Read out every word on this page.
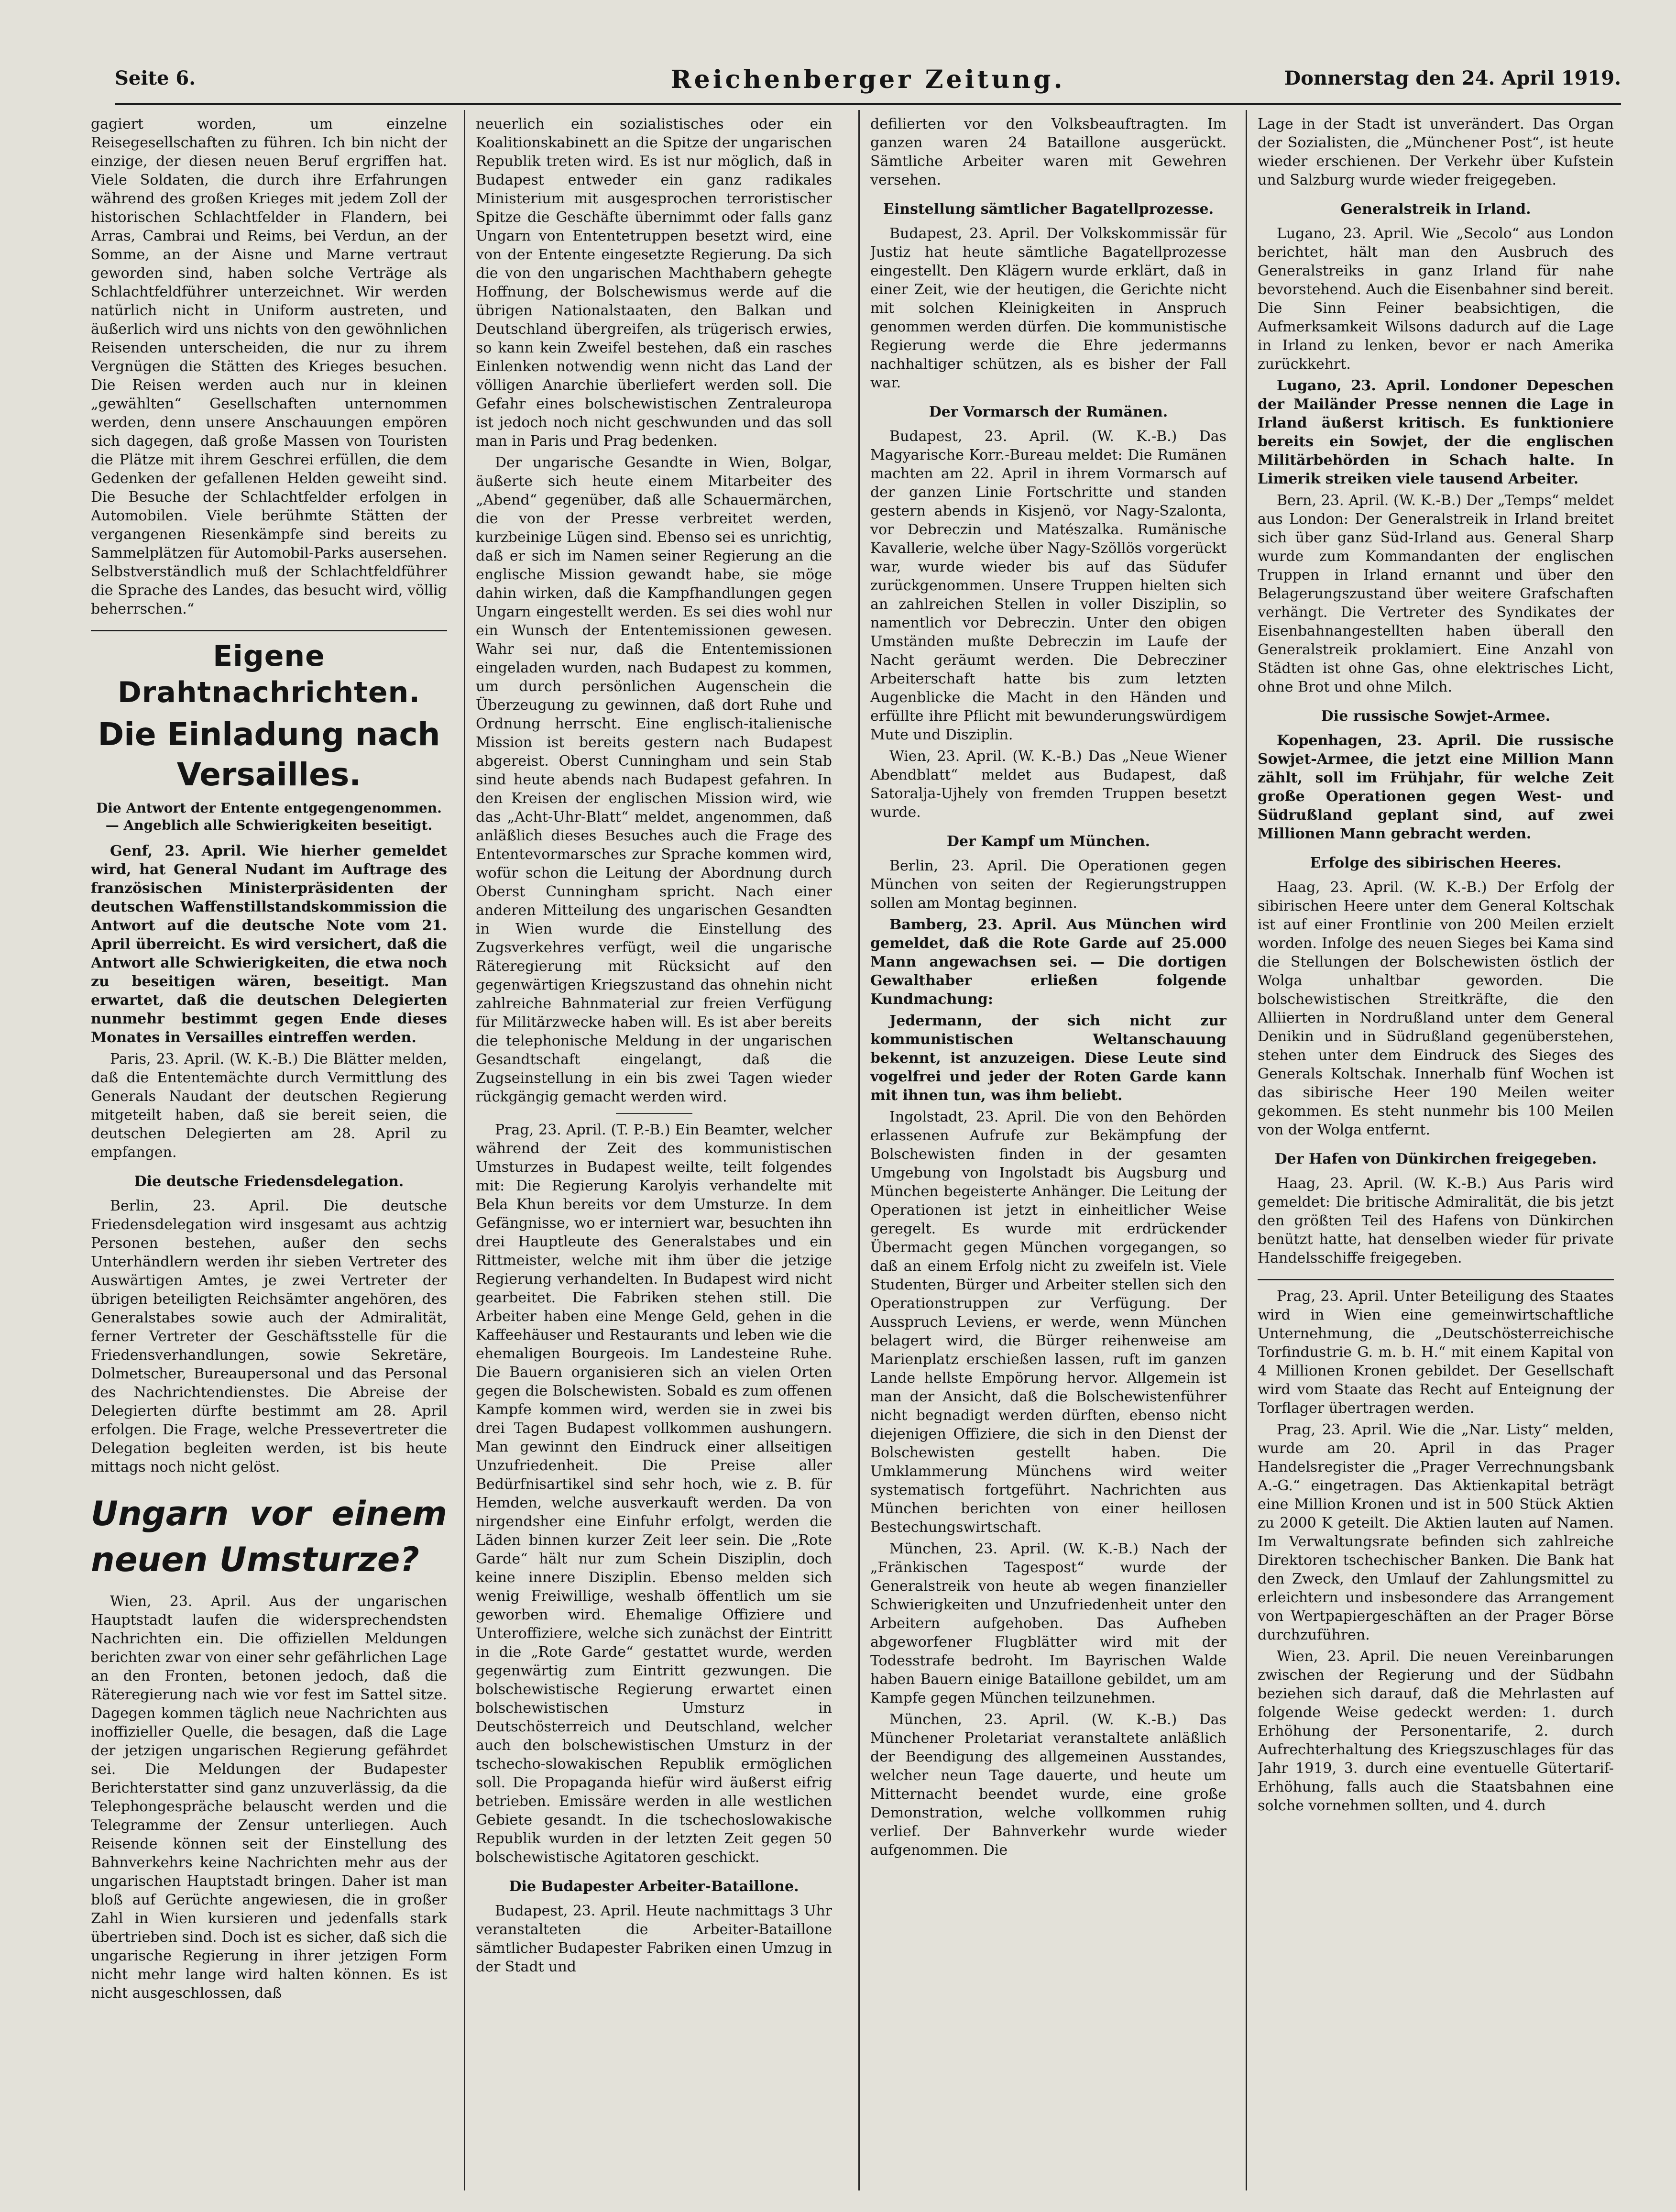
Seite 6.	Reichenberger Zeitung.	Donnerstag den 24. April 1919.

gagiert worden, um einzelne Reisegesellschaften zu führen. Ich bin nicht der einzige, der diesen neuen Beruf ergriffen hat. Viele Soldaten, die durch ihre Erfahrungen während des großen Krieges mit jedem Zoll der historischen Schlachtfelder in Flandern, bei Arras, Cambrai und Reims, bei Verdun, an der Somme, an der Aisne und Marne vertraut geworden sind, haben solche Verträge als Schlachtfeldführer unterzeichnet. Wir werden natürlich nicht in Uniform austreten, und äußerlich wird uns nichts von den gewöhnlichen Reisenden unterscheiden, die nur zu ihrem Vergnügen die Stätten des Krieges besuchen. Die Reisen werden auch nur in kleinen „gewählten“ Gesellschaften unternommen werden, denn unsere Anschauungen empören sich dagegen, daß große Massen von Touristen die Plätze mit ihrem Geschrei erfüllen, die dem Gedenken der gefallenen Helden geweiht sind. Die Besuche der Schlachtfelder erfolgen in Automobilen. Viele berühmte Stätten der vergangenen Riesenkämpfe sind bereits zu Sammelplätzen für Automobil-Parks ausersehen. Selbstverständlich muß der Schlachtfeldführer die Sprache des Landes, das besucht wird, völlig beherrschen.“

Eigene Drahtnachrichten.
Die Einladung nach Versailles.
Die Antwort der Entente entgegengenommen. — Angeblich alle Schwierigkeiten beseitigt.

Genf, 23. April. Wie hierher gemeldet wird, hat General Nudant im Auftrage des französischen Ministerpräsidenten der deutschen Waffenstillstandskommission die Antwort auf die deutsche Note vom 21. April überreicht. Es wird versichert, daß die Antwort alle Schwierigkeiten, die etwa noch zu beseitigen wären, beseitigt. Man erwartet, daß die deutschen Delegierten nunmehr bestimmt gegen Ende dieses Monates in Versailles eintreffen werden.

Paris, 23. April. (W. K.-B.) Die Blätter melden, daß die Ententemächte durch Vermittlung des Generals Naudant der deutschen Regierung mitgeteilt haben, daß sie bereit seien, die deutschen Delegierten am 28. April zu empfangen.

Die deutsche Friedensdelegation.

Berlin, 23. April. Die deutsche Friedensdelegation wird insgesamt aus achtzig Personen bestehen, außer den sechs Unterhändlern werden ihr sieben Vertreter des Auswärtigen Amtes, je zwei Vertreter der übrigen beteiligten Reichsämter angehören, des Generalstabes sowie auch der Admiralität, ferner Vertreter der Geschäftsstelle für die Friedensverhandlungen, sowie Sekretäre, Dolmetscher, Bureaupersonal und das Personal des Nachrichtendienstes. Die Abreise der Delegierten dürfte bestimmt am 28. April erfolgen. Die Frage, welche Pressevertreter die Delegation begleiten werden, ist bis heute mittags noch nicht gelöst.

Ungarn vor einem neuen Umsturze?

Wien, 23. April. Aus der ungarischen Hauptstadt laufen die widersprechendsten Nachrichten ein. Die offiziellen Meldungen berichten zwar von einer sehr gefährlichen Lage an den Fronten, betonen jedoch, daß die Räteregierung nach wie vor fest im Sattel sitze. Dagegen kommen täglich neue Nachrichten aus inoffizieller Quelle, die besagen, daß die Lage der jetzigen ungarischen Regierung gefährdet sei. Die Meldungen der Budapester Berichterstatter sind ganz unzuverlässig, da die Telephongespräche belauscht werden und die Telegramme der Zensur unterliegen. Auch Reisende können seit der Einstellung des Bahnverkehrs keine Nachrichten mehr aus der ungarischen Hauptstadt bringen. Daher ist man bloß auf Gerüchte angewiesen, die in großer Zahl in Wien kursieren und jedenfalls stark übertrieben sind. Doch ist es sicher, daß sich die ungarische Regierung in ihrer jetzigen Form nicht mehr lange wird halten können. Es ist nicht ausgeschlossen, daß

neuerlich ein sozialistisches oder ein Koalitionskabinett an die Spitze der ungarischen Republik treten wird. Es ist nur möglich, daß in Budapest entweder ein ganz radikales Ministerium mit ausgesprochen terroristischer Spitze die Geschäfte übernimmt oder falls ganz Ungarn von Ententetruppen besetzt wird, eine von der Entente eingesetzte Regierung. Da sich die von den ungarischen Machthabern gehegte Hoffnung, der Bolschewismus werde auf die übrigen Nationalstaaten, den Balkan und Deutschland übergreifen, als trügerisch erwies, so kann kein Zweifel bestehen, daß ein rasches Einlenken notwendig wenn nicht das Land der völligen Anarchie überliefert werden soll. Die Gefahr eines bolschewistischen Zentraleuropa ist jedoch noch nicht geschwunden und das soll man in Paris und Prag bedenken.

Der ungarische Gesandte in Wien, Bolgar, äußerte sich heute einem Mitarbeiter des „Abend“ gegenüber, daß alle Schauermärchen, die von der Presse verbreitet werden, kurzbeinige Lügen sind. Ebenso sei es unrichtig, daß er sich im Namen seiner Regierung an die englische Mission gewandt habe, sie möge dahin wirken, daß die Kampfhandlungen gegen Ungarn eingestellt werden. Es sei dies wohl nur ein Wunsch der Ententemissionen gewesen. Wahr sei nur, daß die Ententemissionen eingeladen wurden, nach Budapest zu kommen, um durch persönlichen Augenschein die Überzeugung zu gewinnen, daß dort Ruhe und Ordnung herrscht. Eine englisch-italienische Mission ist bereits gestern nach Budapest abgereist. Oberst Cunningham und sein Stab sind heute abends nach Budapest gefahren. In den Kreisen der englischen Mission wird, wie das „Acht-Uhr-Blatt“ meldet, angenommen, daß anläßlich dieses Besuches auch die Frage des Ententevormarsches zur Sprache kommen wird, wofür schon die Leitung der Abordnung durch Oberst Cunningham spricht. Nach einer anderen Mitteilung des ungarischen Gesandten in Wien wurde die Einstellung des Zugsverkehres verfügt, weil die ungarische Räteregierung mit Rücksicht auf den gegenwärtigen Kriegszustand das ohnehin nicht zahlreiche Bahnmaterial zur freien Verfügung für Militärzwecke haben will. Es ist aber bereits die telephonische Meldung in der ungarischen Gesandtschaft eingelangt, daß die Zugseinstellung in ein bis zwei Tagen wieder rückgängig gemacht werden wird.

Prag, 23. April. (T. P.-B.) Ein Beamter, welcher während der Zeit des kommunistischen Umsturzes in Budapest weilte, teilt folgendes mit: Die Regierung Karolyis verhandelte mit Bela Khun bereits vor dem Umsturze. In dem Gefängnisse, wo er interniert war, besuchten ihn drei Hauptleute des Generalstabes und ein Rittmeister, welche mit ihm über die jetzige Regierung verhandelten. In Budapest wird nicht gearbeitet. Die Fabriken stehen still. Die Arbeiter haben eine Menge Geld, gehen in die Kaffeehäuser und Restaurants und leben wie die ehemaligen Bourgeois. Im Landesteine Ruhe. Die Bauern organisieren sich an vielen Orten gegen die Bolschewisten. Sobald es zum offenen Kampfe kommen wird, werden sie in zwei bis drei Tagen Budapest vollkommen aushungern. Man gewinnt den Eindruck einer allseitigen Unzufriedenheit. Die Preise aller Bedürfnisartikel sind sehr hoch, wie z. B. für Hemden, welche ausverkauft werden. Da von nirgendsher eine Einfuhr erfolgt, werden die Läden binnen kurzer Zeit leer sein. Die „Rote Garde“ hält nur zum Schein Disziplin, doch keine innere Disziplin. Ebenso melden sich wenig Freiwillige, weshalb öffentlich um sie geworben wird. Ehemalige Offiziere und Unteroffiziere, welche sich zunächst der Eintritt in die „Rote Garde“ gestattet wurde, werden gegenwärtig zum Eintritt gezwungen. Die bolschewistische Regierung erwartet einen bolschewistischen Umsturz in Deutschösterreich und Deutschland, welcher auch den bolschewistischen Umsturz in der tschecho-slowakischen Republik ermöglichen soll. Die Propaganda hiefür wird äußerst eifrig betrieben. Emissäre werden in alle westlichen Gebiete gesandt. In die tschechoslowakische Republik wurden in der letzten Zeit gegen 50 bolschewistische Agitatoren geschickt.

Die Budapester Arbeiter-Bataillone.

Budapest, 23. April. Heute nachmittags 3 Uhr veranstalteten die Arbeiter-Bataillone sämtlicher Budapester Fabriken einen Umzug in der Stadt und

defilierten vor den Volksbeauftragten. Im ganzen waren 24 Bataillone ausgerückt. Sämtliche Arbeiter waren mit Gewehren versehen.

Einstellung sämtlicher Bagatellprozesse.

Budapest, 23. April. Der Volkskommissär für Justiz hat heute sämtliche Bagatellprozesse eingestellt. Den Klägern wurde erklärt, daß in einer Zeit, wie der heutigen, die Gerichte nicht mit solchen Kleinigkeiten in Anspruch genommen werden dürfen. Die kommunistische Regierung werde die Ehre jedermanns nachhaltiger schützen, als es bisher der Fall war.

Der Vormarsch der Rumänen.

Budapest, 23. April. (W. K.-B.) Das Magyarische Korr.-Bureau meldet: Die Rumänen machten am 22. April in ihrem Vormarsch auf der ganzen Linie Fortschritte und standen gestern abends in Kisjenö, vor Nagy-Szalonta, vor Debreczin und Matészalka. Rumänische Kavallerie, welche über Nagy-Szöllös vorgerückt war, wurde wieder bis auf das Südufer zurückgenommen. Unsere Truppen hielten sich an zahlreichen Stellen in voller Disziplin, so namentlich vor Debreczin. Unter den obigen Umständen mußte Debreczin im Laufe der Nacht geräumt werden. Die Debrecziner Arbeiterschaft hatte bis zum letzten Augenblicke die Macht in den Händen und erfüllte ihre Pflicht mit bewunderungswürdigem Mute und Disziplin.

Wien, 23. April. (W. K.-B.) Das „Neue Wiener Abendblatt“ meldet aus Budapest, daß Satoralja-Ujhely von fremden Truppen besetzt wurde.

Der Kampf um München.

Berlin, 23. April. Die Operationen gegen München von seiten der Regierungstruppen sollen am Montag beginnen.

Bamberg, 23. April. Aus München wird gemeldet, daß die Rote Garde auf 25.000 Mann angewachsen sei. — Die dortigen Gewalthaber erließen folgende Kundmachung:

Jedermann, der sich nicht zur kommunistischen Weltanschauung bekennt, ist anzuzeigen. Diese Leute sind vogelfrei und jeder der Roten Garde kann mit ihnen tun, was ihm beliebt.

Ingolstadt, 23. April. Die von den Behörden erlassenen Aufrufe zur Bekämpfung der Bolschewisten finden in der gesamten Umgebung von Ingolstadt bis Augsburg und München begeisterte Anhänger. Die Leitung der Operationen ist jetzt in einheitlicher Weise geregelt. Es wurde mit erdrückender Übermacht gegen München vorgegangen, so daß an einem Erfolg nicht zu zweifeln ist. Viele Studenten, Bürger und Arbeiter stellen sich den Operationstruppen zur Verfügung. Der Ausspruch Leviens, er werde, wenn München belagert wird, die Bürger reihenweise am Marienplatz erschießen lassen, ruft im ganzen Lande hellste Empörung hervor. Allgemein ist man der Ansicht, daß die Bolschewistenführer nicht begnadigt werden dürften, ebenso nicht diejenigen Offiziere, die sich in den Dienst der Bolschewisten gestellt haben. Die Umklammerung Münchens wird weiter systematisch fortgeführt. Nachrichten aus München berichten von einer heillosen Bestechungswirtschaft.

München, 23. April. (W. K.-B.) Nach der „Fränkischen Tagespost“ wurde der Generalstreik von heute ab wegen finanzieller Schwierigkeiten und Unzufriedenheit unter den Arbeitern aufgehoben. Das Aufheben abgeworfener Flugblätter wird mit der Todesstrafe bedroht. Im Bayrischen Walde haben Bauern einige Bataillone gebildet, um am Kampfe gegen München teilzunehmen.

München, 23. April. (W. K.-B.) Das Münchener Proletariat veranstaltete anläßlich der Beendigung des allgemeinen Ausstandes, welcher neun Tage dauerte, und heute um Mitternacht beendet wurde, eine große Demonstration, welche vollkommen ruhig verlief. Der Bahnverkehr wurde wieder aufgenommen. Die

Lage in der Stadt ist unverändert. Das Organ der Sozialisten, die „Münchener Post“, ist heute wieder erschienen. Der Verkehr über Kufstein und Salzburg wurde wieder freigegeben.

Generalstreik in Irland.

Lugano, 23. April. Wie „Secolo“ aus London berichtet, hält man den Ausbruch des Generalstreiks in ganz Irland für nahe bevorstehend. Auch die Eisenbahner sind bereit. Die Sinn Feiner beabsichtigen, die Aufmerksamkeit Wilsons dadurch auf die Lage in Irland zu lenken, bevor er nach Amerika zurückkehrt.

Lugano, 23. April. Londoner Depeschen der Mailänder Presse nennen die Lage in Irland äußerst kritisch. Es funktioniere bereits ein Sowjet, der die englischen Militärbehörden in Schach halte. In Limerik streiken viele tausend Arbeiter.

Bern, 23. April. (W. K.-B.) Der „Temps“ meldet aus London: Der Generalstreik in Irland breitet sich über ganz Süd-Irland aus. General Sharp wurde zum Kommandanten der englischen Truppen in Irland ernannt und über den Belagerungszustand über weitere Grafschaften verhängt. Die Vertreter des Syndikates der Eisenbahnangestellten haben überall den Generalstreik proklamiert. Eine Anzahl von Städten ist ohne Gas, ohne elektrisches Licht, ohne Brot und ohne Milch.

Die russische Sowjet-Armee.

Kopenhagen, 23. April. Die russische Sowjet-Armee, die jetzt eine Million Mann zählt, soll im Frühjahr, für welche Zeit große Operationen gegen West- und Südrußland geplant sind, auf zwei Millionen Mann gebracht werden.

Erfolge des sibirischen Heeres.

Haag, 23. April. (W. K.-B.) Der Erfolg der sibirischen Heere unter dem General Koltschak ist auf einer Frontlinie von 200 Meilen erzielt worden. Infolge des neuen Sieges bei Kama sind die Stellungen der Bolschewisten östlich der Wolga unhaltbar geworden. Die bolschewistischen Streitkräfte, die den Alliierten in Nordrußland unter dem General Denikin und in Südrußland gegenüberstehen, stehen unter dem Eindruck des Sieges des Generals Koltschak. Innerhalb fünf Wochen ist das sibirische Heer 190 Meilen weiter gekommen. Es steht nunmehr bis 100 Meilen von der Wolga entfernt.

Der Hafen von Dünkirchen freigegeben.

Haag, 23. April. (W. K.-B.) Aus Paris wird gemeldet: Die britische Admiralität, die bis jetzt den größten Teil des Hafens von Dünkirchen benützt hatte, hat denselben wieder für private Handelsschiffe freigegeben.

Prag, 23. April. Unter Beteiligung des Staates wird in Wien eine gemeinwirtschaftliche Unternehmung, die „Deutschösterreichische Torfindustrie G. m. b. H.“ mit einem Kapital von 4 Millionen Kronen gebildet. Der Gesellschaft wird vom Staate das Recht auf Enteignung der Torflager übertragen werden.

Prag, 23. April. Wie die „Nar. Listy“ melden, wurde am 20. April in das Prager Handelsregister die „Prager Verrechnungsbank A.-G.“ eingetragen. Das Aktienkapital beträgt eine Million Kronen und ist in 500 Stück Aktien zu 2000 K geteilt. Die Aktien lauten auf Namen. Im Verwaltungsrate befinden sich zahlreiche Direktoren tschechischer Banken. Die Bank hat den Zweck, den Umlauf der Zahlungsmittel zu erleichtern und insbesondere das Arrangement von Wertpapiergeschäften an der Prager Börse durchzuführen.

Wien, 23. April. Die neuen Vereinbarungen zwischen der Regierung und der Südbahn beziehen sich darauf, daß die Mehrlasten auf folgende Weise gedeckt werden: 1. durch Erhöhung der Personentarife, 2. durch Aufrechterhaltung des Kriegszuschlages für das Jahr 1919, 3. durch eine eventuelle Gütertarif-Erhöhung, falls auch die Staatsbahnen eine solche vornehmen sollten, und 4. durch
